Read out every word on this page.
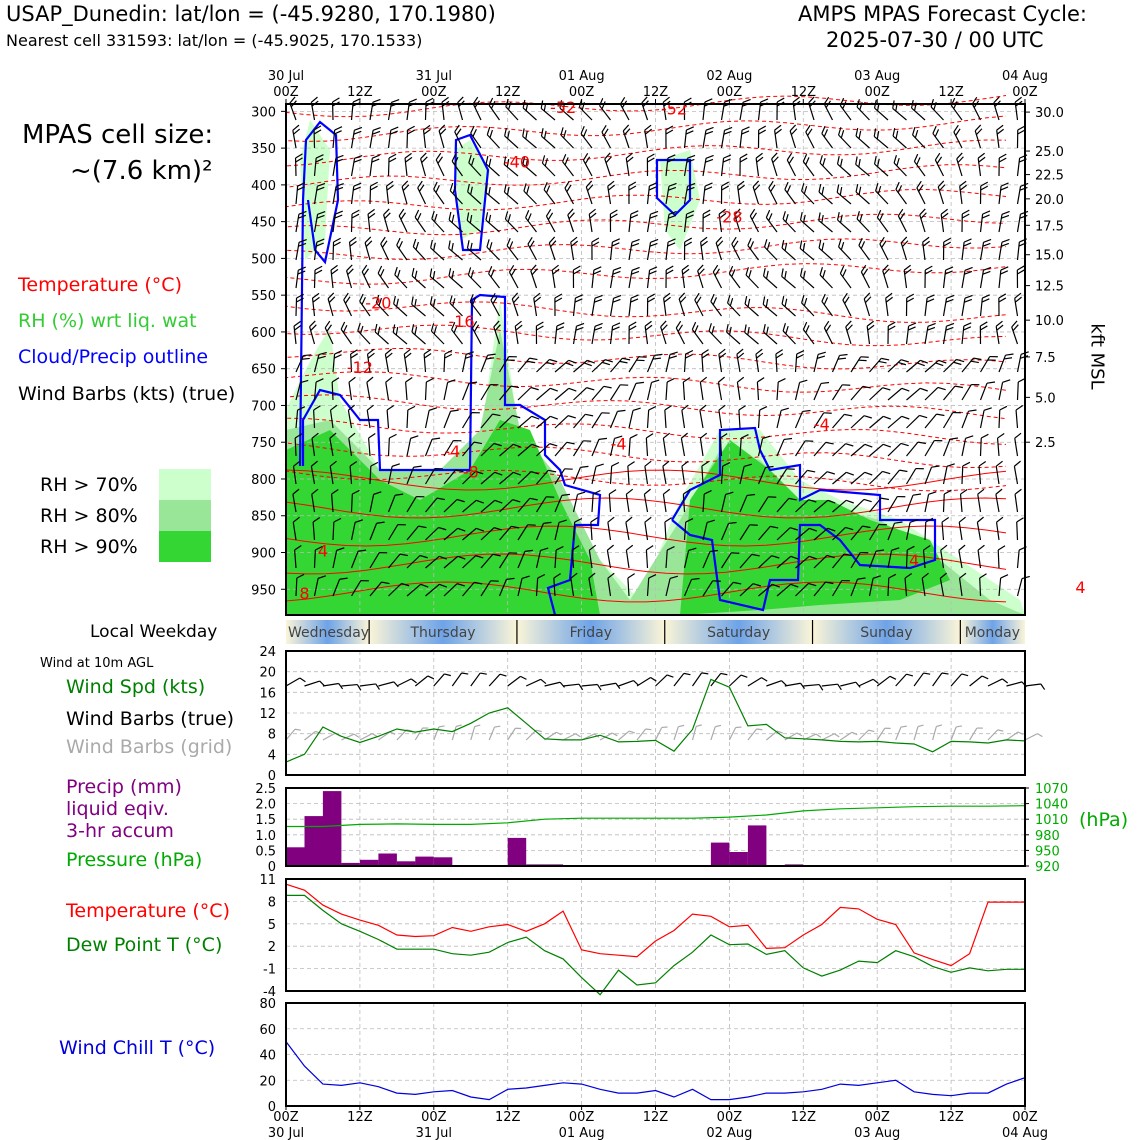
USAP_Dunedin: lat/lon = (-45.9280, 170.1980)
Nearest cell 331593: lat/lon = (-45.9025, 170.1533)
AMPS MPAS Forecast Cycle:
2025-07-30 / 00 UTC
MPAS cell size:
~(7.6 km)²
Temperature (°C)
RH (%) wrt liq. wat
Cloud/Precip outline
Wind Barbs (kts) (true)
RH > 70%
RH > 80%
RH > 90%
Local Weekday
Wind at 10m AGL
Wind Spd (kts)
Wind Barbs (true)
Wind Barbs (grid)
Precip (mm)
liquid eqiv.
3-hr accum
Pressure (hPa)
(hPa)
Temperature (°C)
Dew Point T (°C)
Wind Chill T (°C)
kft MSL
300
350
400
450
500
550
600
650
700
750
800
850
900
950
30.0
25.0
22.5
20.0
17.5
15.0
12.5
10.0
7.5
5.0
2.5
-52	-52
-40
-28
-20
-16
-12
-4
-4
-4
-8
4
4
4
8
00Z	12Z	00Z	12Z	00Z	12Z	00Z	12Z	00Z	12Z	00Z
30 Jul	31 Jul	01 Aug	02 Aug	03 Aug	04 Aug
Wednesday	Thursday	Friday	Saturday	Sunday	Monday
0
4
8
12
16
20
24
0
0.5
1.0
1.5
2.0
2.5
920
950
980
1010
1040
1070
-4
-1
2
5
8
11
0
20
40
60
80
00Z	12Z	00Z	12Z	00Z	12Z	00Z	12Z	00Z	12Z	00Z
30 Jul	31 Jul	01 Aug	02 Aug	03 Aug	04 Aug
